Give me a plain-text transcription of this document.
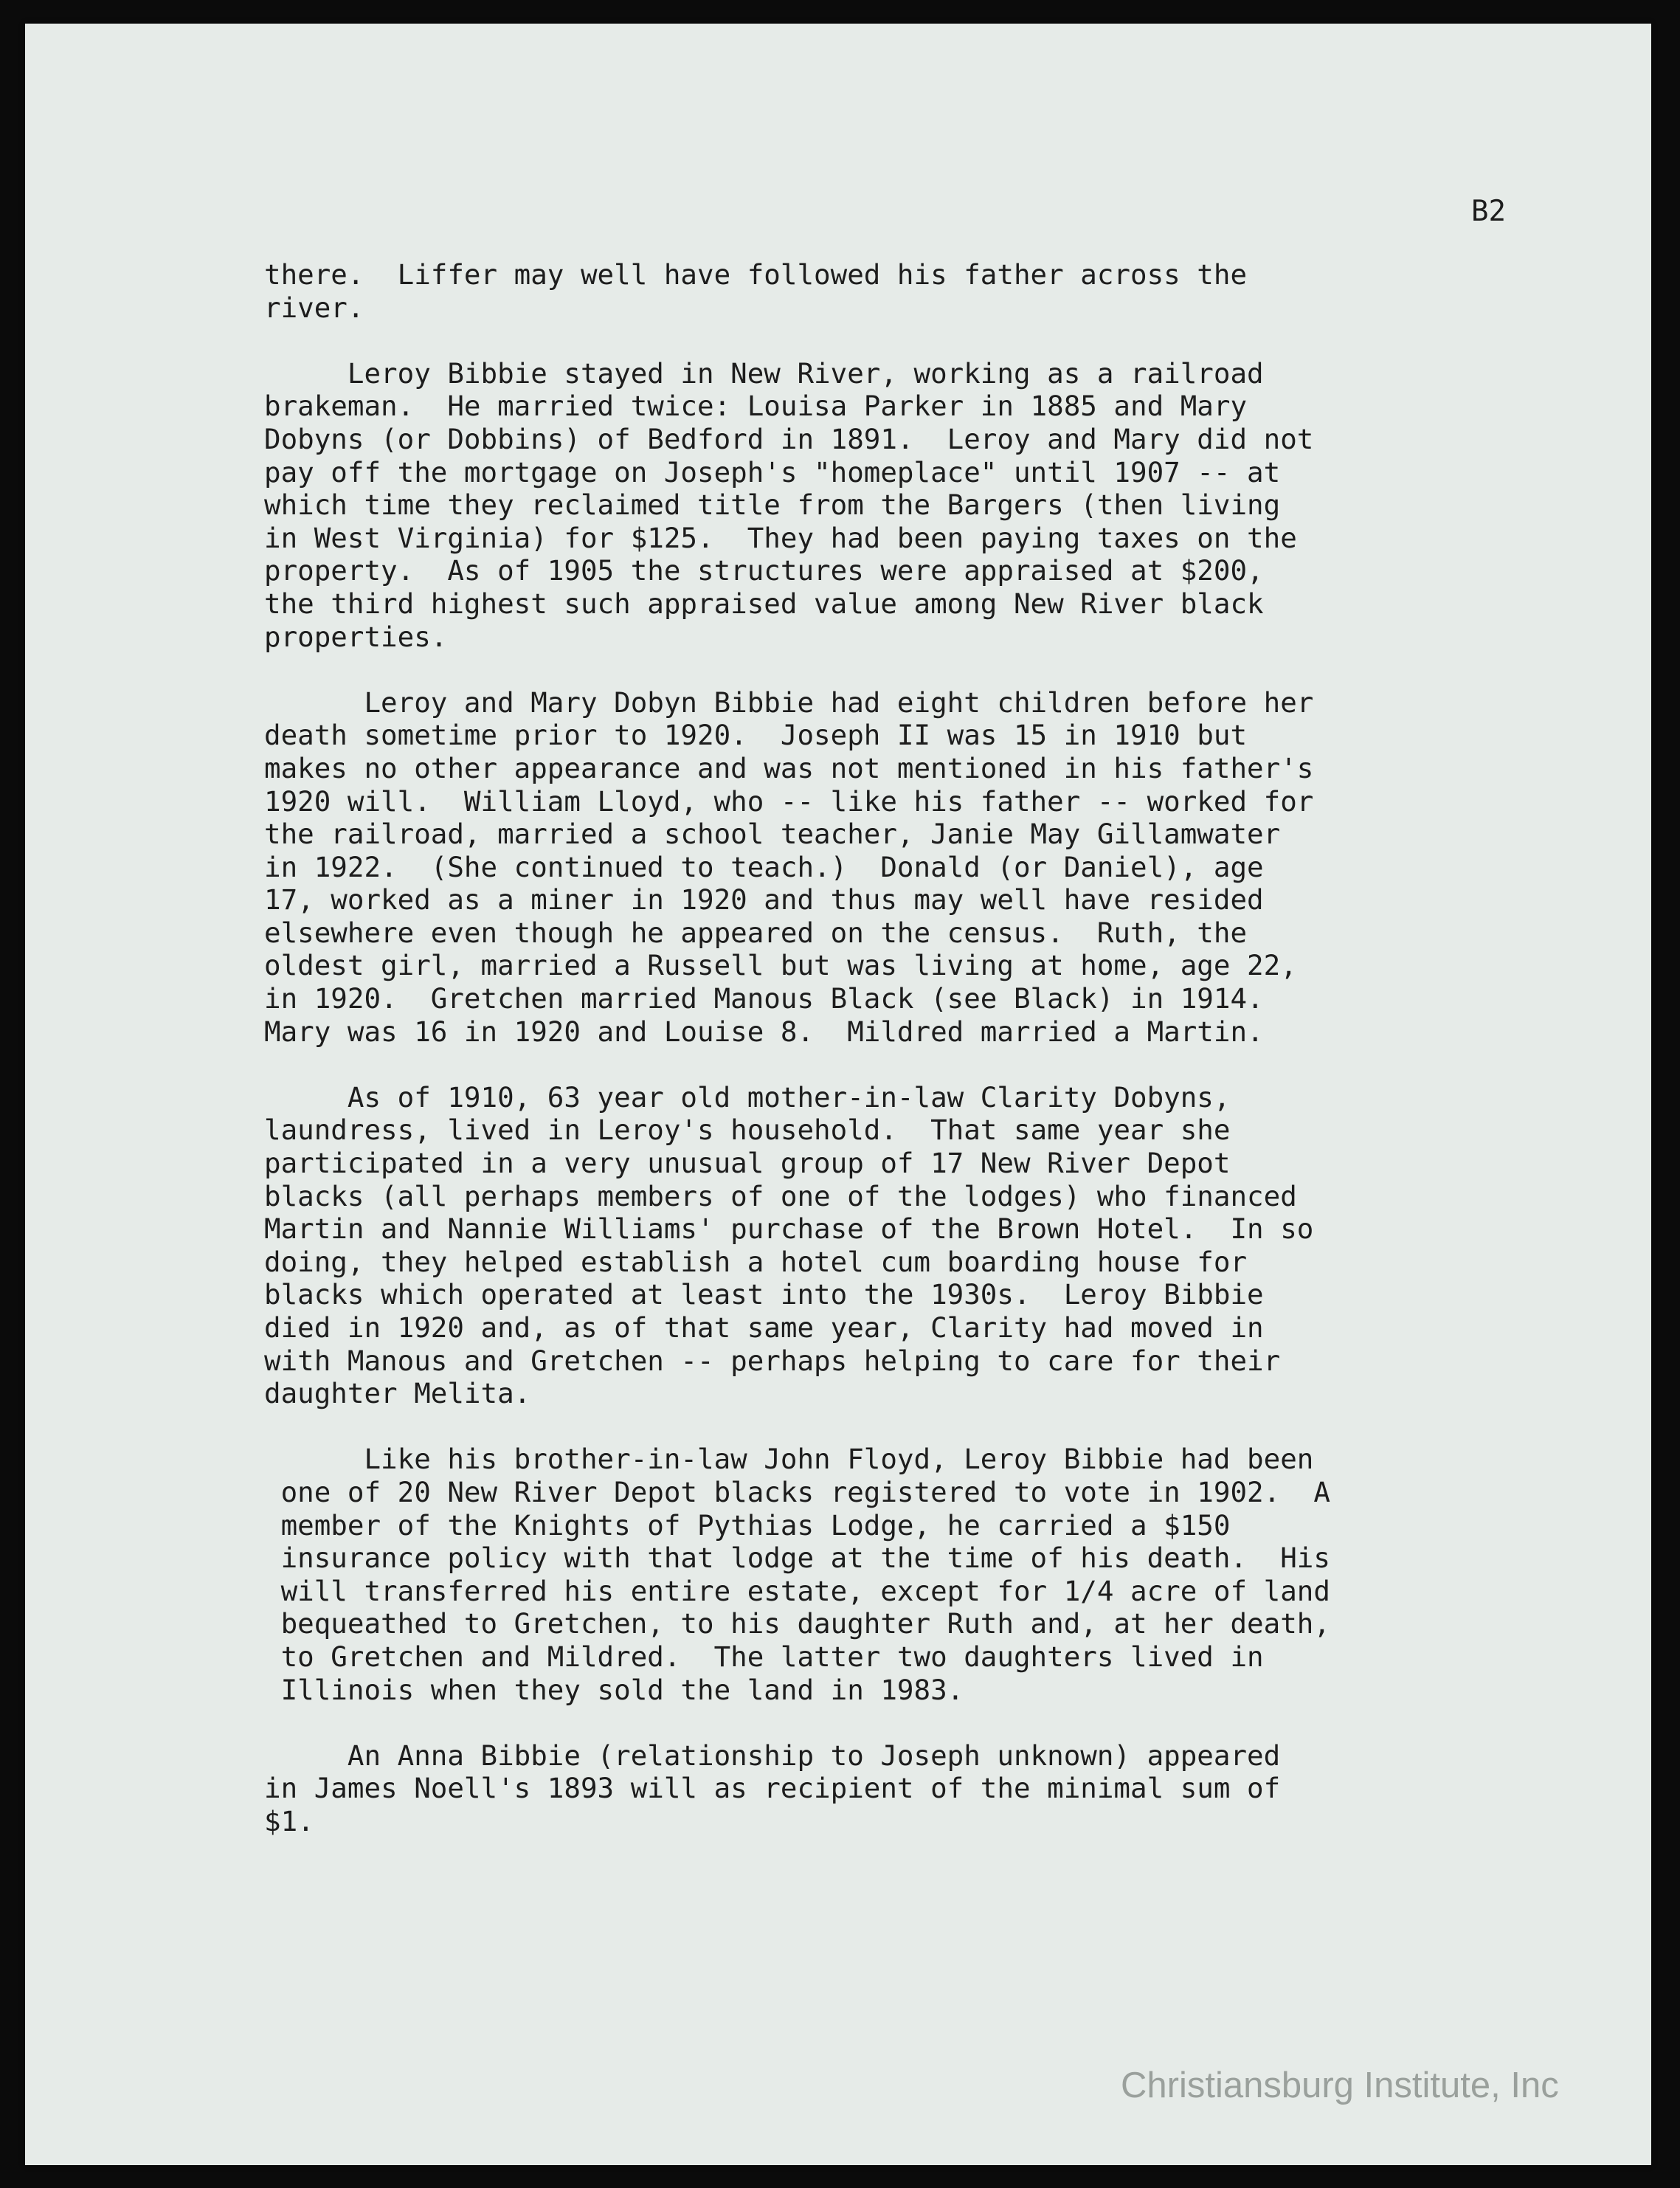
B2

there.  Liffer may well have followed his father across the
river.

Leroy Bibbie stayed in New River, working as a railroad
brakeman.  He married twice: Louisa Parker in 1885 and Mary
Dobyns (or Dobbins) of Bedford in 1891.  Leroy and Mary did not
pay off the mortgage on Joseph's "homeplace" until 1907 -- at
which time they reclaimed title from the Bargers (then living
in West Virginia) for $125.  They had been paying taxes on the
property.  As of 1905 the structures were appraised at $200,
the third highest such appraised value among New River black
properties.

Leroy and Mary Dobyn Bibbie had eight children before her
death sometime prior to 1920.  Joseph II was 15 in 1910 but
makes no other appearance and was not mentioned in his father's
1920 will.  William Lloyd, who -- like his father -- worked for
the railroad, married a school teacher, Janie May Gillamwater
in 1922.  (She continued to teach.)  Donald (or Daniel), age
17, worked as a miner in 1920 and thus may well have resided
elsewhere even though he appeared on the census.  Ruth, the
oldest girl, married a Russell but was living at home, age 22,
in 1920.  Gretchen married Manous Black (see Black) in 1914.
Mary was 16 in 1920 and Louise 8.  Mildred married a Martin.

As of 1910, 63 year old mother-in-law Clarity Dobyns,
laundress, lived in Leroy's household.  That same year she
participated in a very unusual group of 17 New River Depot
blacks (all perhaps members of one of the lodges) who financed
Martin and Nannie Williams' purchase of the Brown Hotel.  In so
doing, they helped establish a hotel cum boarding house for
blacks which operated at least into the 1930s.  Leroy Bibbie
died in 1920 and, as of that same year, Clarity had moved in
with Manous and Gretchen -- perhaps helping to care for their
daughter Melita.

Like his brother-in-law John Floyd, Leroy Bibbie had been
one of 20 New River Depot blacks registered to vote in 1902.  A
member of the Knights of Pythias Lodge, he carried a $150
insurance policy with that lodge at the time of his death.  His
will transferred his entire estate, except for 1/4 acre of land
bequeathed to Gretchen, to his daughter Ruth and, at her death,
to Gretchen and Mildred.  The latter two daughters lived in
Illinois when they sold the land in 1983.

An Anna Bibbie (relationship to Joseph unknown) appeared
in James Noell's 1893 will as recipient of the minimal sum of
$1.

Christiansburg Institute, Inc
